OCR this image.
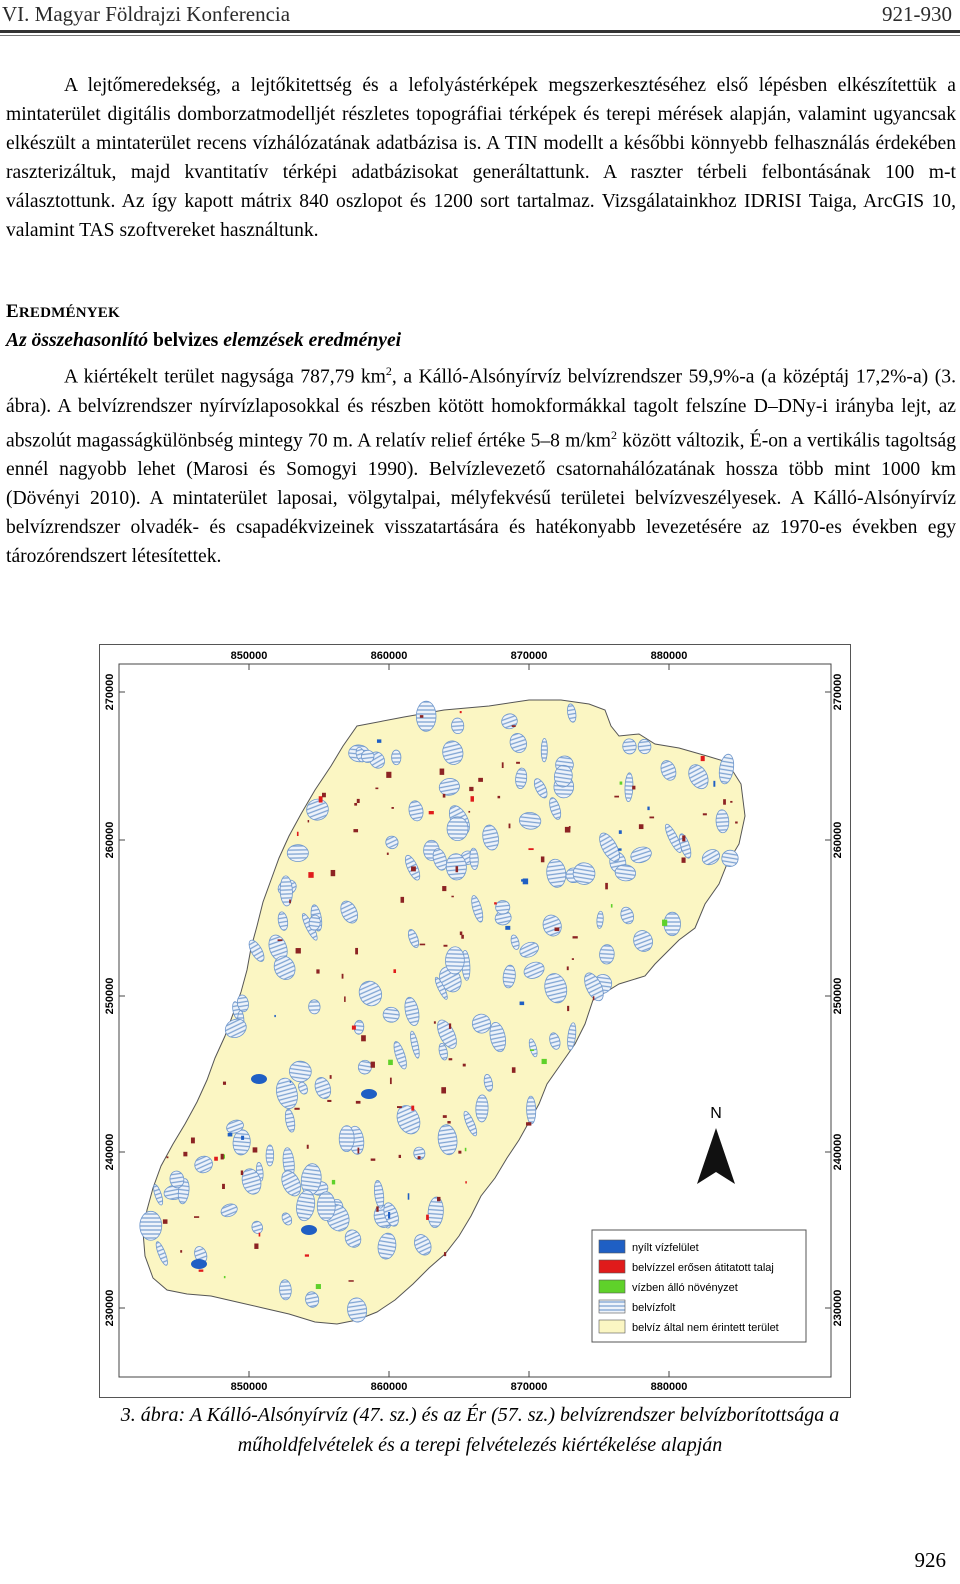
VI. Magyar Földrajzi Konferencia	921-930

A lejtőmeredekség, a lejtőkitettség és a lefolyástérképek megszerkesztéséhez első lépésben elkészítettük a mintaterület digitális domborzatmodelljét részletes topográfiai térképek és terepi mérések alapján, valamint ugyancsak elkészült a mintaterület recens vízhálózatának adatbázisa is. A TIN modellt a későbbi könnyebb felhasználás érdekében raszterizáltuk, majd kvantitatív térképi adatbázisokat generáltattunk. A raszter térbeli felbontásának 100 m-t választottunk. Az így kapott mátrix 840 oszlopot és 1200 sort tartalmaz. Vizsgálatainkhoz IDRISI Taiga, ArcGIS 10, valamint TAS szoftvereket használtunk.

EREDMÉNYEK

Az összehasonlító belvizes elemzések eredményei

A kiértékelt terület nagysága 787,79 $km^2$, a Kálló-Alsónyírvíz belvízrendszer 59,9%-a (a középtáj 17,2%-a) (3. ábra). A belvízrendszer nyírvízlaposokkal és részben kötött homokformákkal tagolt felszíne D–DNy-i irányba lejt, az abszolút magasságkülönbség mintegy 70 m. A relatív relief értéke 5–8 $m/km^2$ között változik, É-on a vertikális tagoltság ennél nagyobb lehet (Marosi és Somogyi 1990). Belvízlevezető csatornahálózatának hossza több mint 1000 km (Dövényi 2010). A mintaterület laposai, völgytalpai, mélyfekvésű területei belvízveszélyesek. A Kálló-Alsónyírvíz belvízrendszer olvadék- és csapadékvizeinek visszatartására és hatékonyabb levezetésére az 1970-es években egy tározórendszert létesítettek.

850000	860000	870000	880000
850000	860000	870000	880000
270000
260000
250000
240000
230000
270000
260000
250000
240000
230000
N
nyílt vízfelület
belvízzel erősen átitatott talaj
vízben álló növényzet
belvízfolt
belvíz által nem érintett terület
3. ábra: A Kálló-Alsónyírvíz (47. sz.) és az Ér (57. sz.) belvízrendszer belvízborítottsága a
műholdfelvételek és a terepi felvételezés kiértékelése alapján
926
